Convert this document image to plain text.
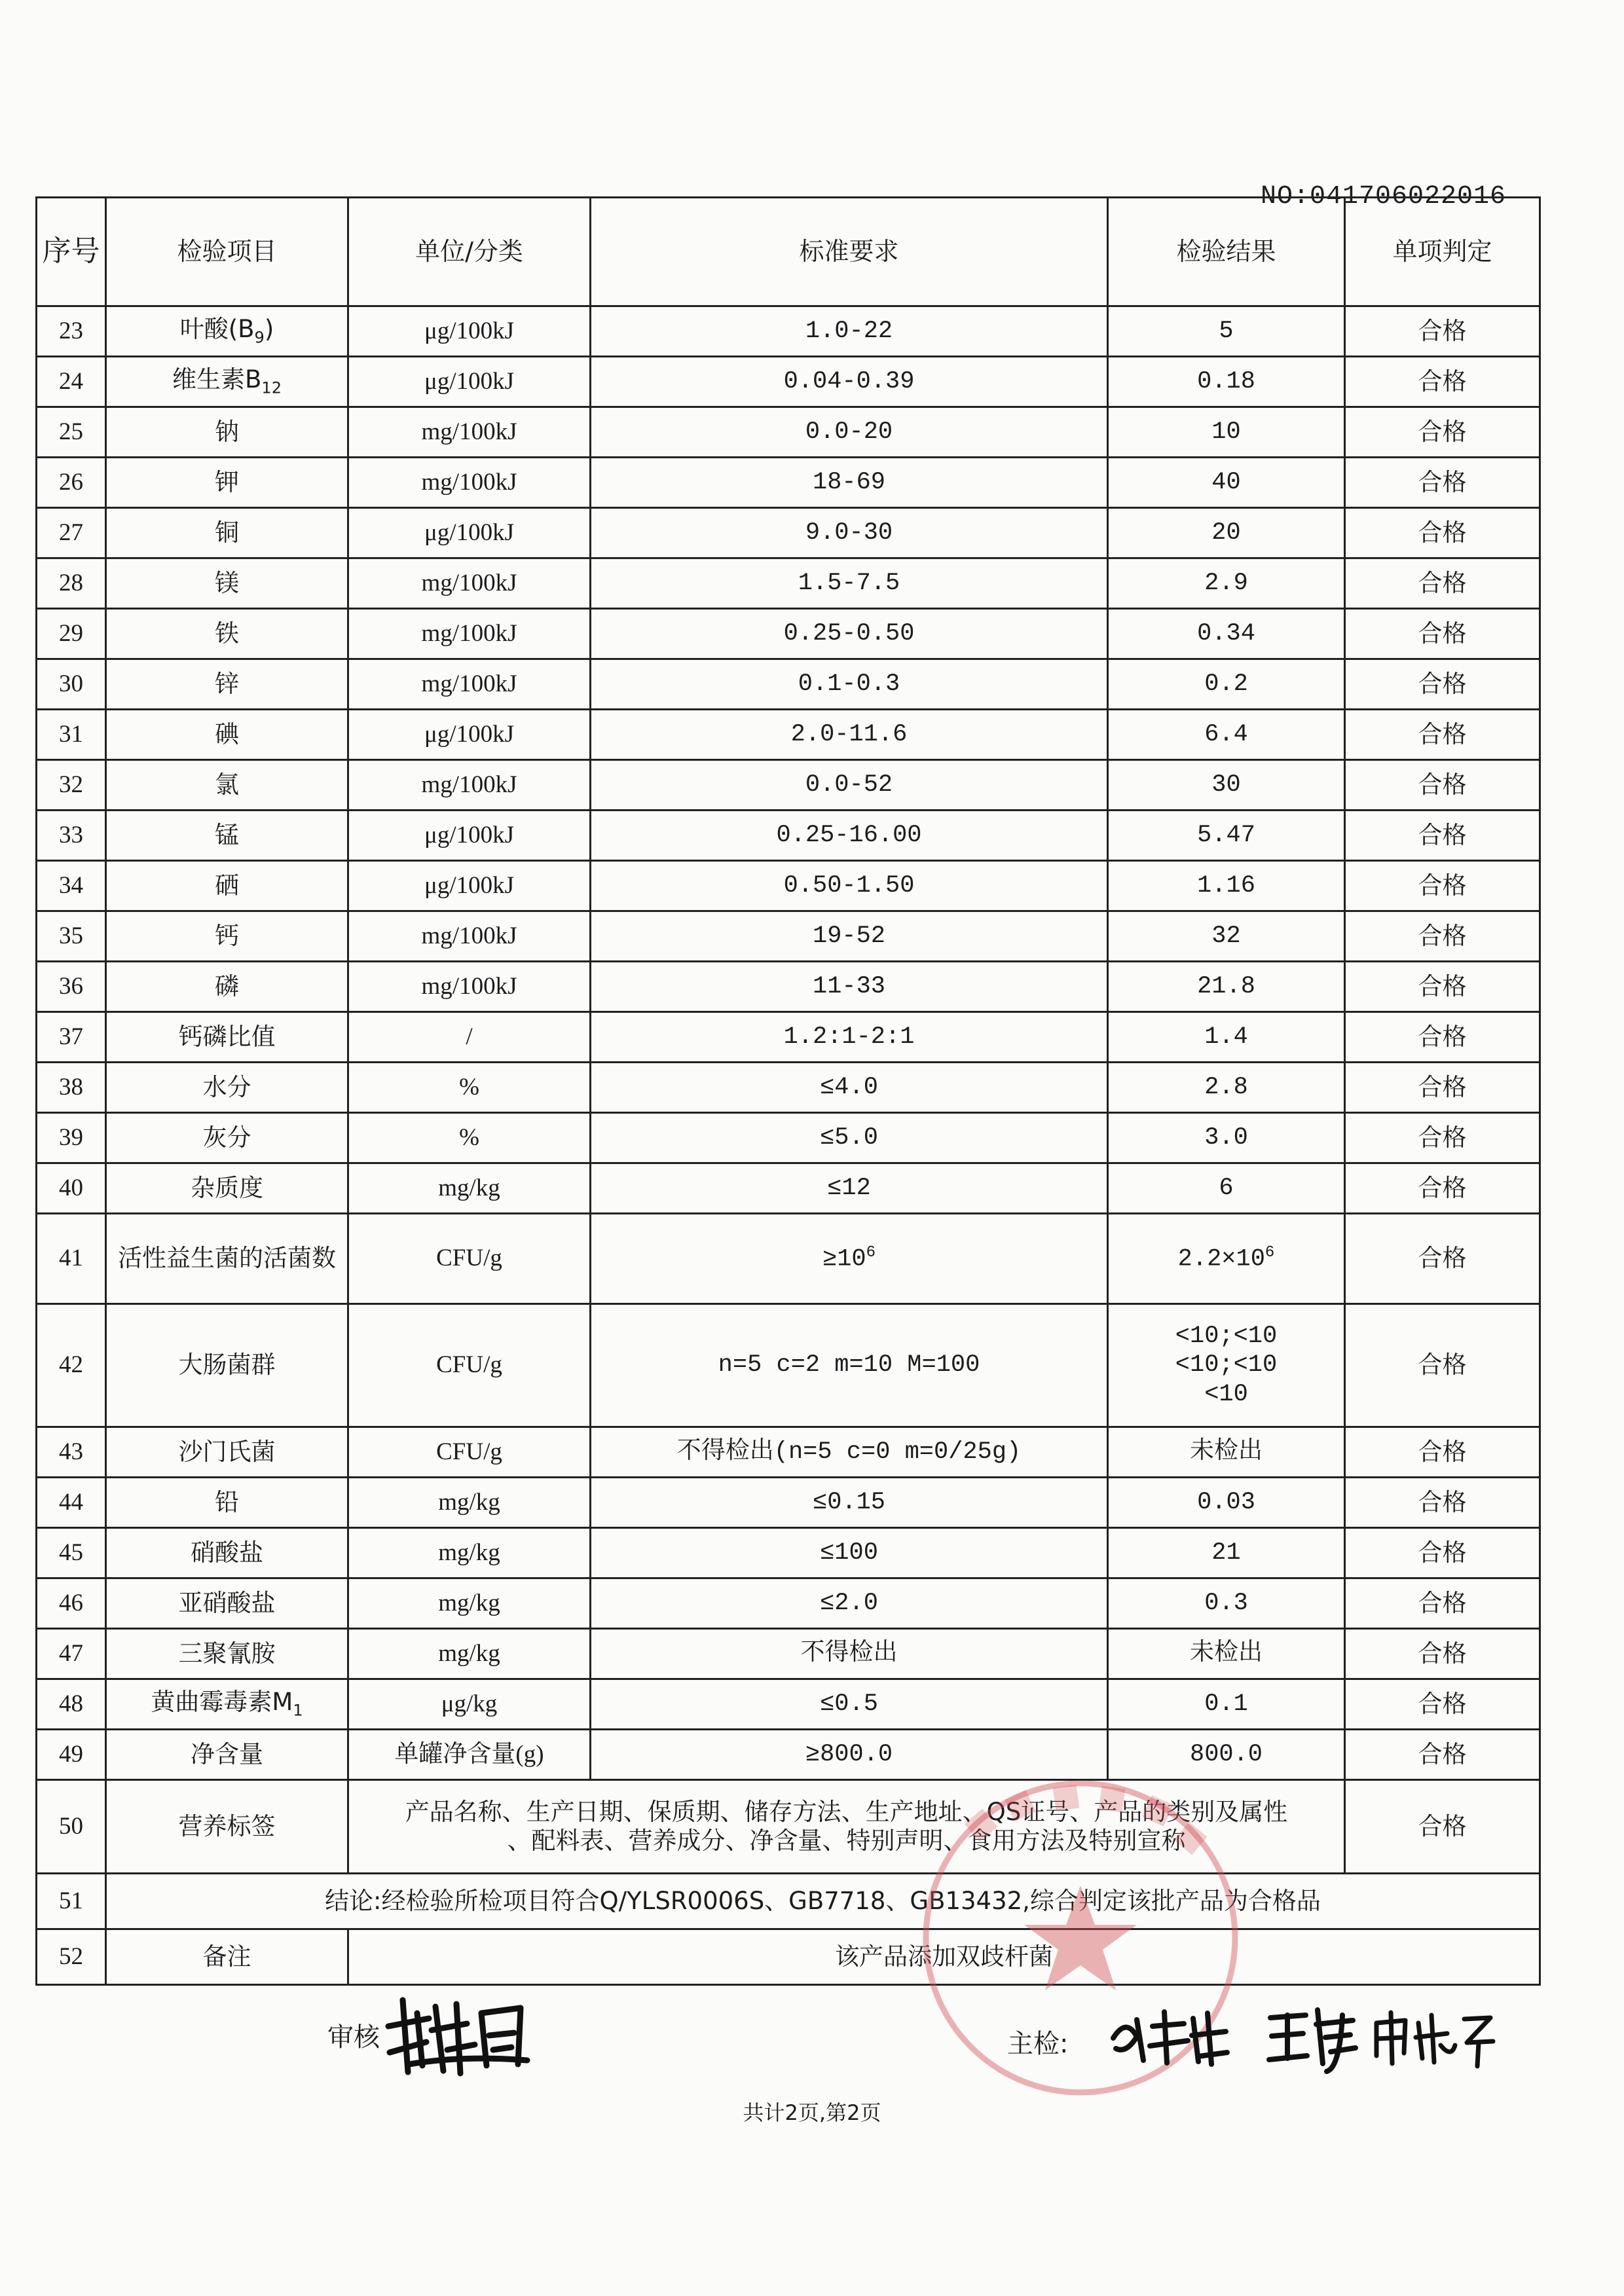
NO:041706022016
序号	检验项目	单位/分类	标准要求	检验结果	单项判定
23	叶酸$(B_9)$	μg/100kJ	1.0-22	5	合格
24	维生素$B_{12}$	μg/100kJ	0.04-0.39	0.18	合格
25	钠	mg/100kJ	0.0-20	10	合格
26	钾	mg/100kJ	18-69	40	合格
27	铜	μg/100kJ	9.0-30	20	合格
28	镁	mg/100kJ	1.5-7.5	2.9	合格
29	铁	mg/100kJ	0.25-0.50	0.34	合格
30	锌	mg/100kJ	0.1-0.3	0.2	合格
31	碘	μg/100kJ	2.0-11.6	6.4	合格
32	氯	mg/100kJ	0.0-52	30	合格
33	锰	μg/100kJ	0.25-16.00	5.47	合格
34	硒	μg/100kJ	0.50-1.50	1.16	合格
35	钙	mg/100kJ	19-52	32	合格
36	磷	mg/100kJ	11-33	21.8	合格
37	钙磷比值	/	1.2:1-2:1	1.4	合格
38	水分	%	≤4.0	2.8	合格
39	灰分	%	≤5.0	3.0	合格
40	杂质度	mg/kg	≤12	6	合格
41	活性益生菌的活菌数	CFU/g	$\ge 10^6$	$2.2\times 10^6$	合格
42	大肠菌群	CFU/g	n=5 c=2 m=10 M=100	<10;<10
<10;<10
<10	合格
43	沙门氏菌	CFU/g	不得检出(n=5 c=0 m=0/25g)	未检出	合格
44	铅	mg/kg	≤0.15	0.03	合格
45	硝酸盐	mg/kg	≤100	21	合格
46	亚硝酸盐	mg/kg	≤2.0	0.3	合格
47	三聚氰胺	mg/kg	不得检出	未检出	合格
48	黄曲霉毒素$M_1$	μg/kg	≤0.5	0.1	合格
49	净含量	单罐净含量(g)	≥800.0	800.0	合格
50	营养标签	产品名称、生产日期、保质期、储存方法、生产地址、QS证号、产品的类别及属性
、配料表、营养成分、净含量、特别声明、食用方法及特别宣称			合格
51	结论:经检验所检项目符合Q/YLSR0006S、GB7718、GB13432,综合判定该批产品为合格品				
52	备注	该产品添加双歧杆菌			
审核	主检:
共计2页,第2页
